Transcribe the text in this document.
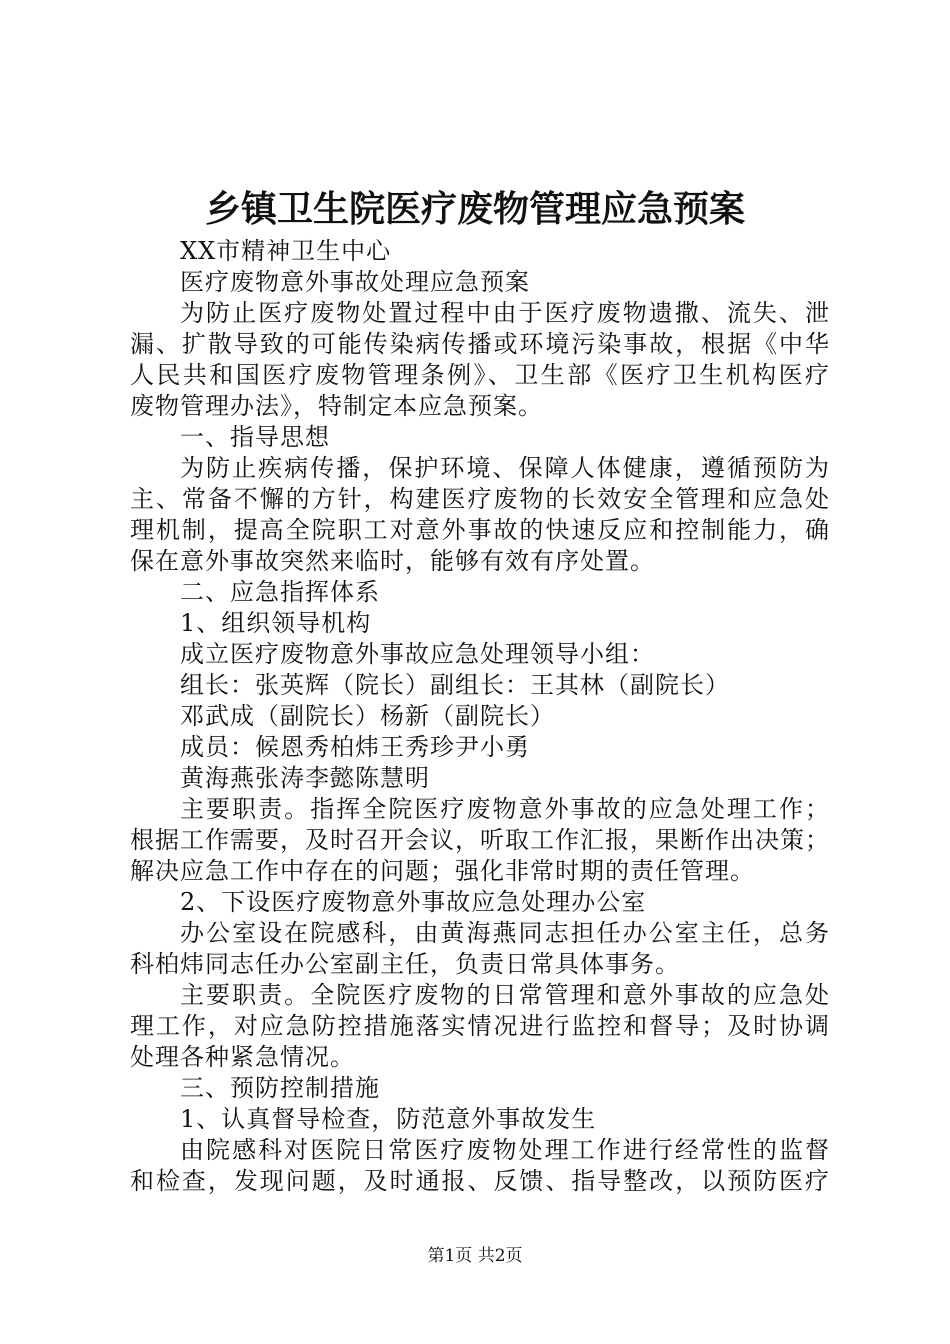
乡镇卫生院医疗废物管理应急预案
XX市精神卫生中心
医疗废物意外事故处理应急预案
为防止医疗废物处置过程中由于医疗废物遗撒、流失、泄
漏、扩散导致的可能传染病传播或环境污染事故，根据《中华
人民共和国医疗废物管理条例》、卫生部《医疗卫生机构医疗
废物管理办法》，特制定本应急预案。
一、指导思想
为防止疾病传播，保护环境、保障人体健康，遵循预防为
主、常备不懈的方针，构建医疗废物的长效安全管理和应急处
理机制，提高全院职工对意外事故的快速反应和控制能力，确
保在意外事故突然来临时，能够有效有序处置。
二、应急指挥体系
1、组织领导机构
成立医疗废物意外事故应急处理领导小组：
组长：张英辉（院长）副组长：王其林（副院长）
邓武成（副院长）杨新（副院长）
成员：候恩秀柏炜王秀珍尹小勇
黄海燕张涛李懿陈慧明
主要职责。指挥全院医疗废物意外事故的应急处理工作；
根据工作需要，及时召开会议，听取工作汇报，果断作出决策；
解决应急工作中存在的问题；强化非常时期的责任管理。
2、下设医疗废物意外事故应急处理办公室
办公室设在院感科，由黄海燕同志担任办公室主任，总务
科柏炜同志任办公室副主任，负责日常具体事务。
主要职责。全院医疗废物的日常管理和意外事故的应急处
理工作，对应急防控措施落实情况进行监控和督导；及时协调
处理各种紧急情况。
三、预防控制措施
1、认真督导检查，防范意外事故发生
由院感科对医院日常医疗废物处理工作进行经常性的监督
和检查，发现问题，及时通报、反馈、指导整改，以预防医疗
第1页 共2页
